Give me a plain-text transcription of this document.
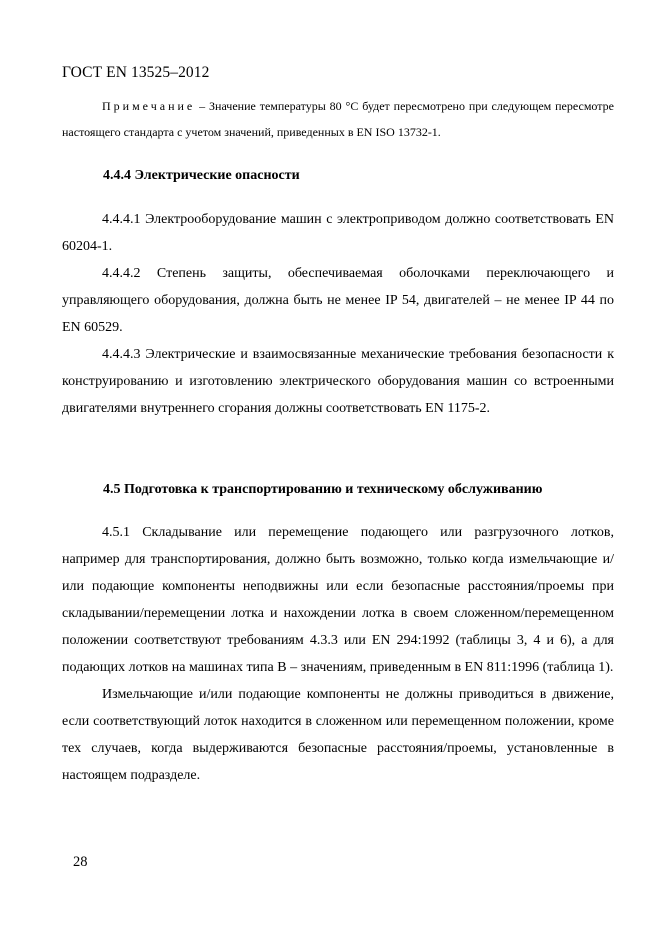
ГОСТ EN 13525–2012

Примечание – Значение температуры 80 °С будет пересмотрено при следующем пересмотре настоящего стандарта с учетом значений, приведенных в EN ISO 13732-1.

4.4.4 Электрические опасности

4.4.4.1 Электрооборудование машин с электроприводом должно соответствовать EN 60204-1.

4.4.4.2 Степень защиты, обеспечиваемая оболочками переключающего и управляющего оборудования, должна быть не менее IP 54, двигателей – не менее IP 44 по EN 60529.

4.4.4.3 Электрические и взаимосвязанные механические требования безопасности к конструированию и изготовлению электрического оборудования машин со встроенными двигателями внутреннего сгорания должны соответствовать EN 1175-2.

4.5 Подготовка к транспортированию и техническому обслуживанию

4.5.1 Складывание или перемещение подающего или разгрузочного лотков, например для транспортирования, должно быть возможно, только когда измельчающие и/или подающие компоненты неподвижны или если безопасные расстояния/проемы при складывании/перемещении лотка и нахождении лотка в своем сложенном/перемещенном положении соответствуют требованиям 4.3.3 или EN 294:1992 (таблицы 3, 4 и 6), а для подающих лотков на машинах типа В – значениям, приведенным в EN 811:1996 (таблица 1).

Измельчающие и/или подающие компоненты не должны приводиться в движение, если соответствующий лоток находится в сложенном или перемещенном положении, кроме тех случаев, когда выдерживаются безопасные расстояния/проемы, установленные в настоящем подразделе.

28
